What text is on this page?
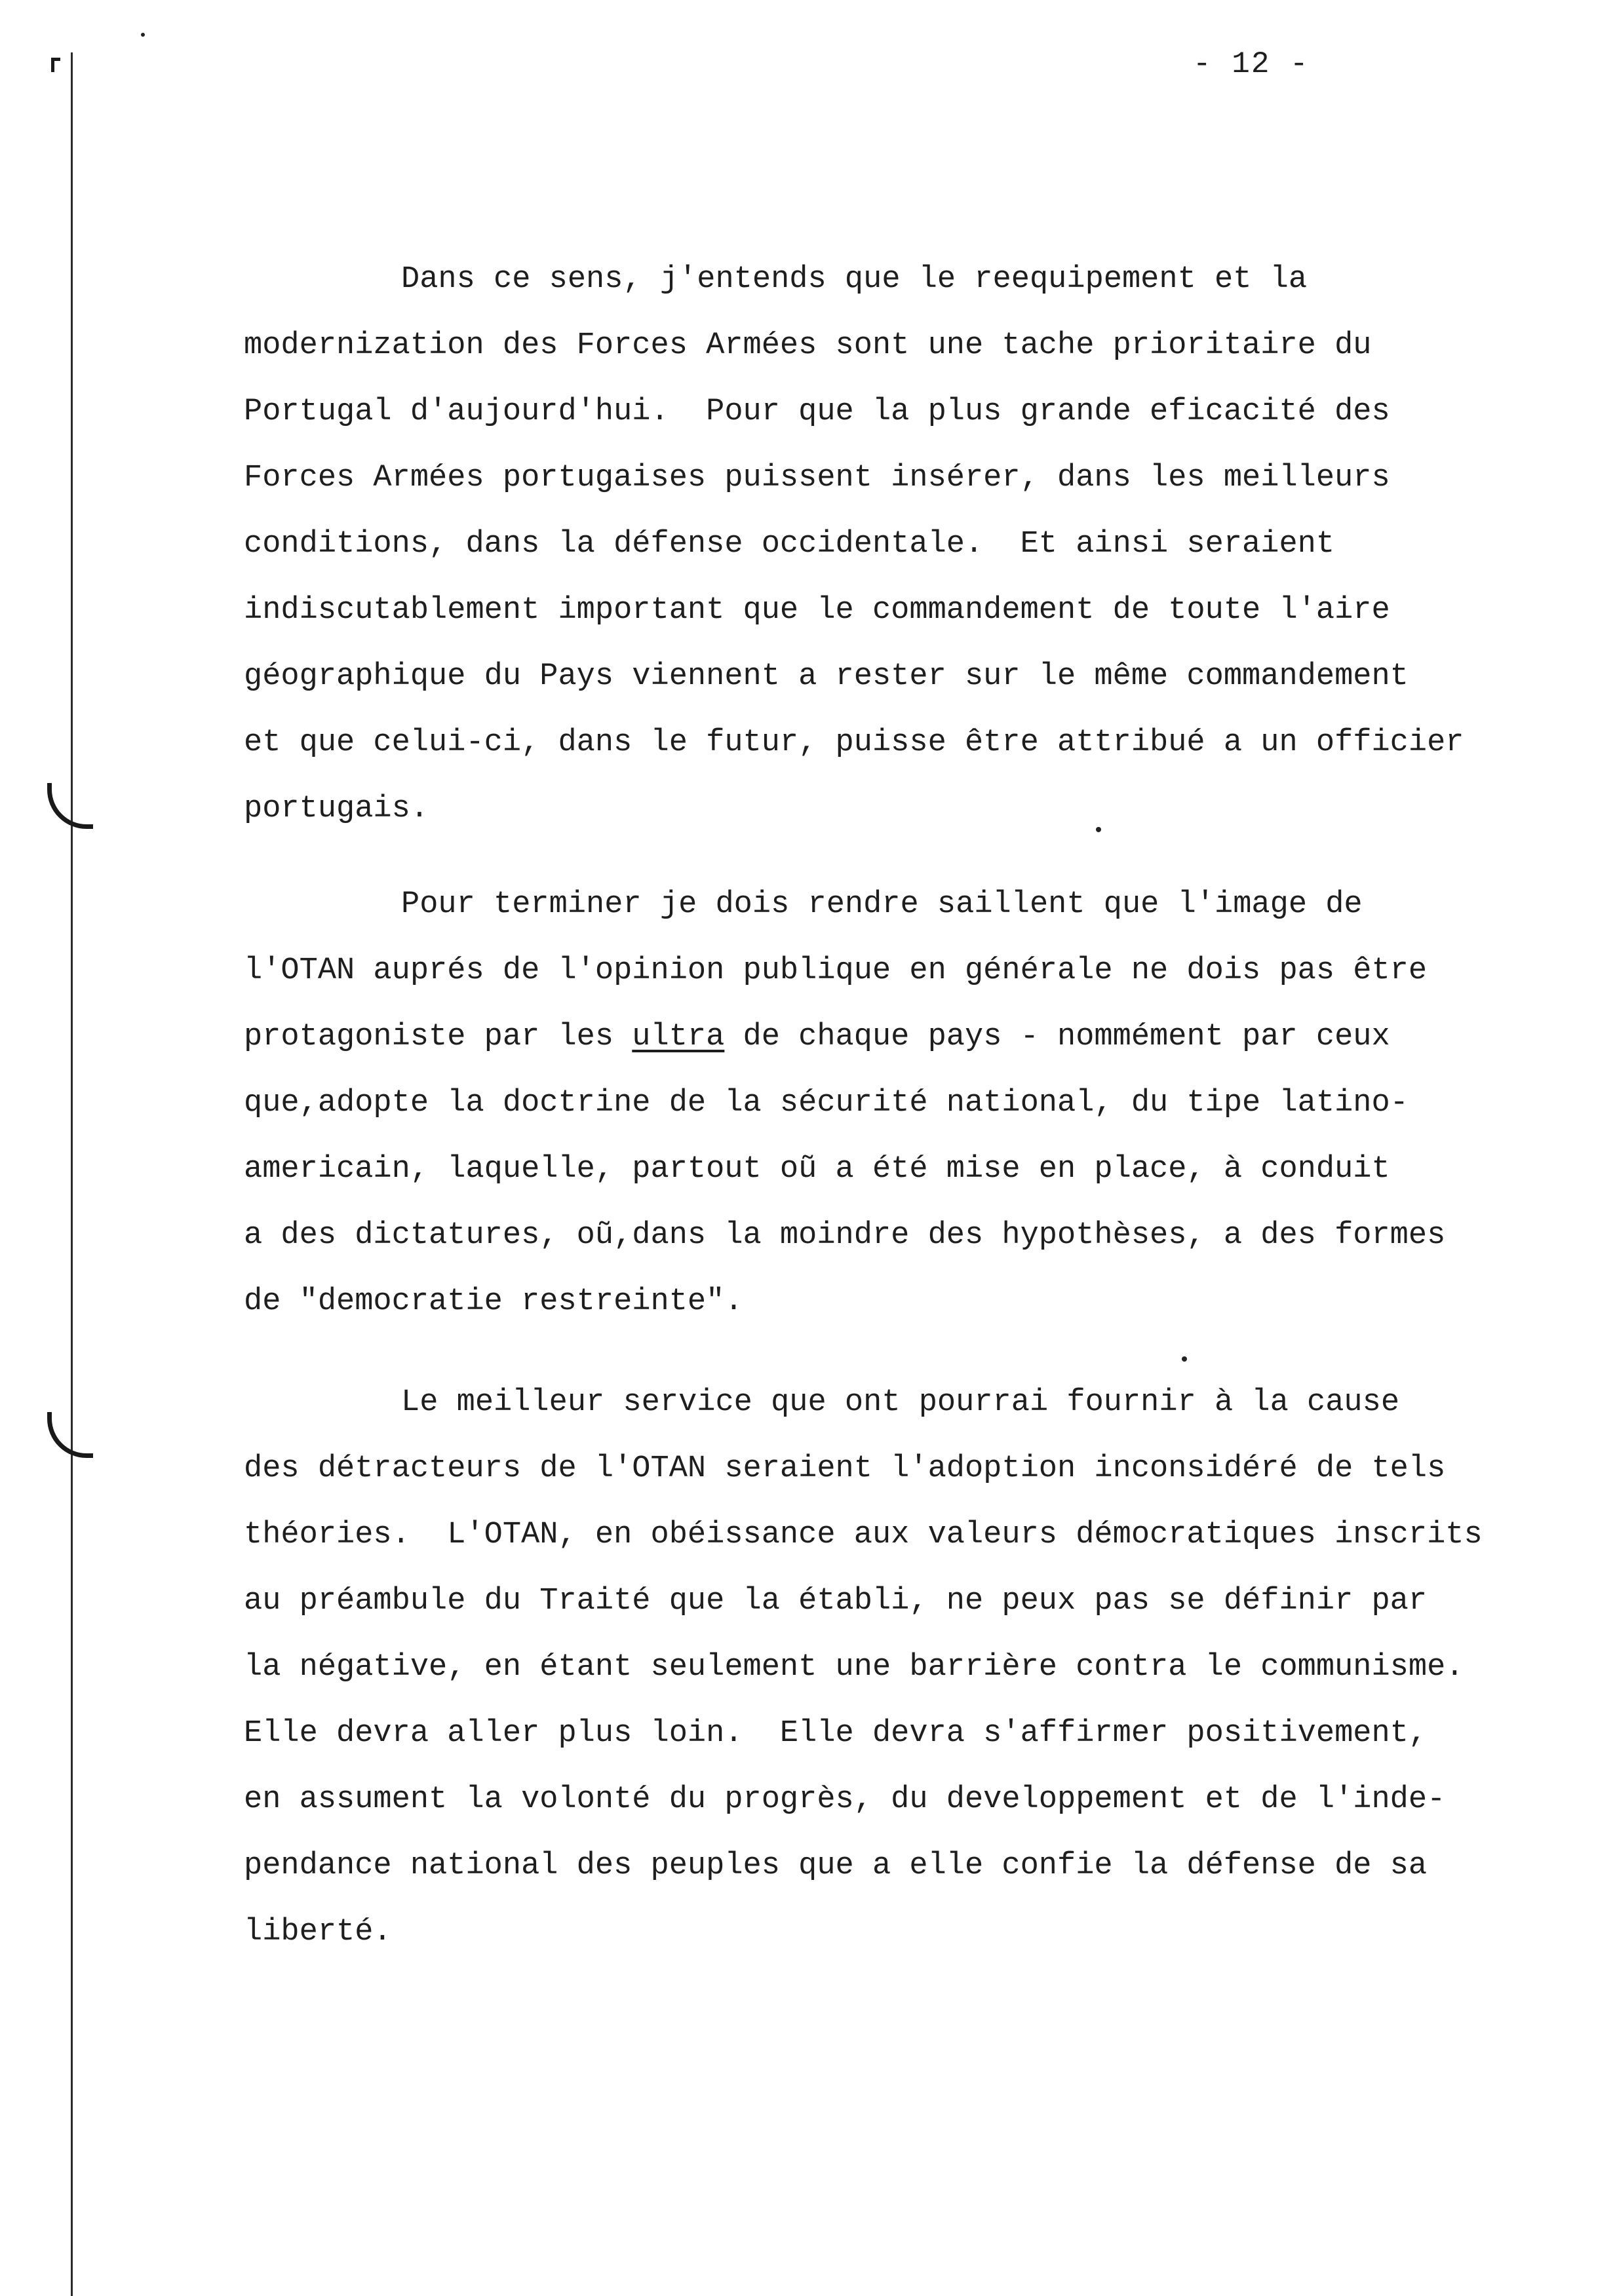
- 12 -
Dans ce sens, j'entends que le reequipement et la
modernization des Forces Armées sont une tache prioritaire du
Portugal d'aujourd'hui.  Pour que la plus grande eficacité des
Forces Armées portugaises puissent insérer, dans les meilleurs
conditions, dans la défense occidentale.  Et ainsi seraient
indiscutablement important que le commandement de toute l'aire
géographique du Pays viennent a rester sur le même commandement
et que celui-ci, dans le futur, puisse être attribué a un officier
portugais.
Pour terminer je dois rendre saillent que l'image de
l'OTAN auprés de l'opinion publique en générale ne dois pas être
protagoniste par les ultra de chaque pays - nommément par ceux
que,adopte la doctrine de la sécurité national, du tipe latino-
americain, laquelle, partout oũ a été mise en place, à conduit
a des dictatures, oũ,dans la moindre des hypothèses, a des formes
de "democratie restreinte".
Le meilleur service que ont pourrai fournir à la cause
des détracteurs de l'OTAN seraient l'adoption inconsidéré de tels
théories.  L'OTAN, en obéissance aux valeurs démocratiques inscrits
au préambule du Traité que la établi, ne peux pas se définir par
la négative, en étant seulement une barrière contra le communisme.
Elle devra aller plus loin.  Elle devra s'affirmer positivement,
en assument la volonté du progrès, du developpement et de l'inde-
pendance national des peuples que a elle confie la défense de sa
liberté.
